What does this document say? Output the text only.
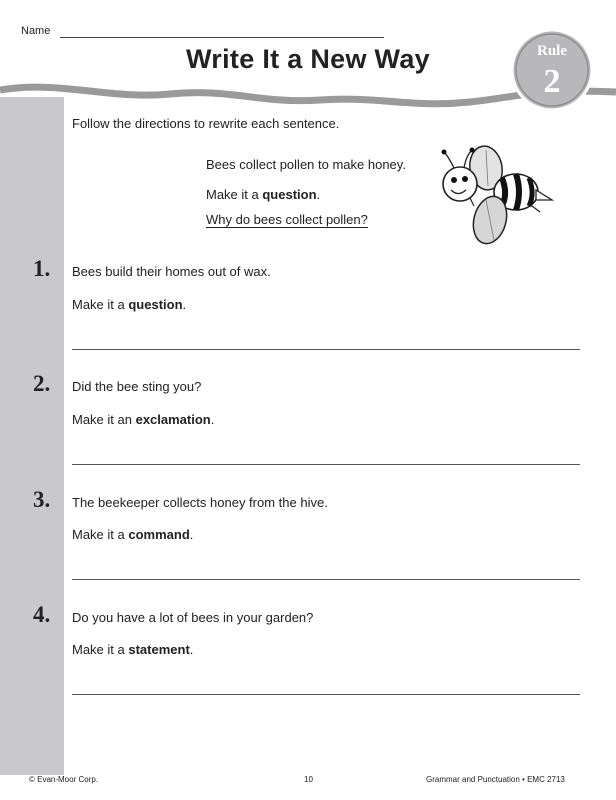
Name
Write It a New Way	Rule
2
Follow the directions to rewrite each sentence.
Bees collect pollen to make honey.
Make it a question.
Why do bees collect pollen?
1. Bees build their homes out of wax.
Make it a question.
2. Did the bee sting you?
Make it an exclamation.
3. The beekeeper collects honey from the hive.
Make it a command.
4. Do you have a lot of bees in your garden?
Make it a statement.
© Evan-Moor Corp.	10	Grammar and Punctuation • EMC 2713
